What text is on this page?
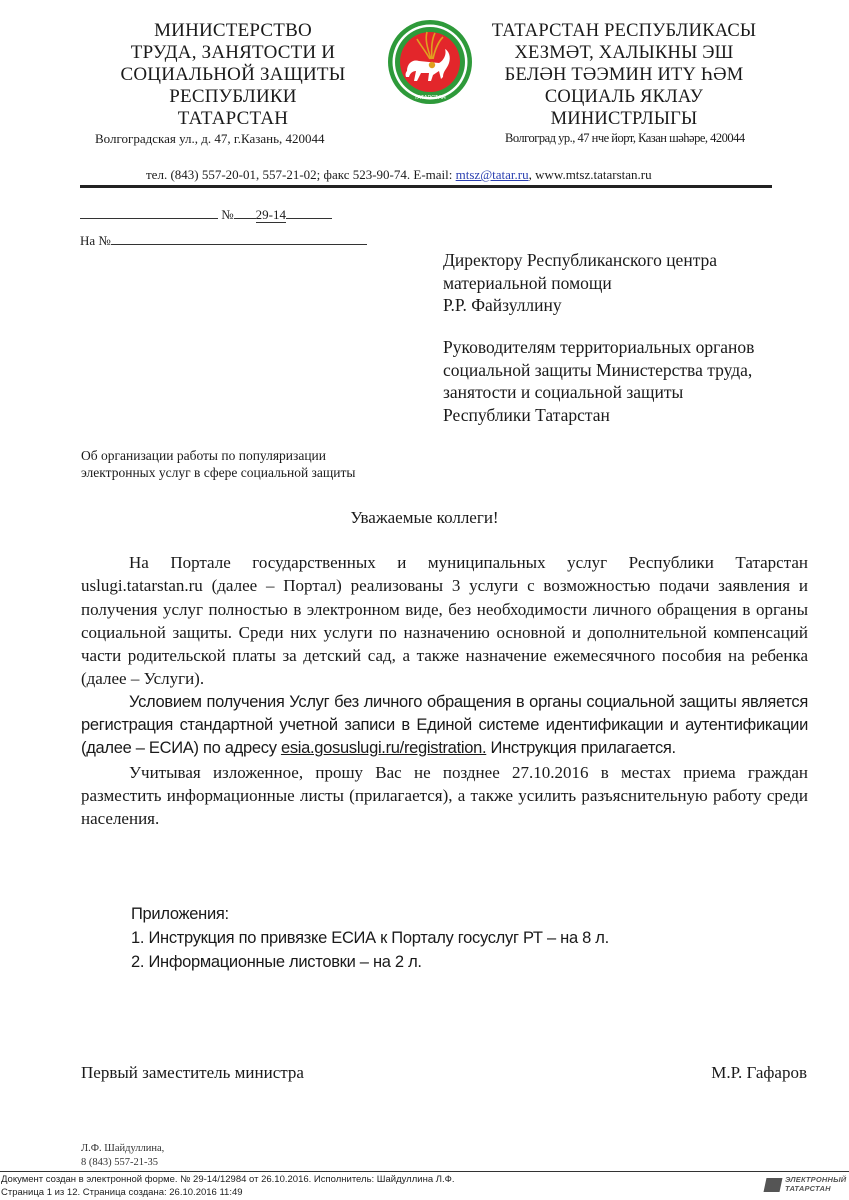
МИНИСТЕРСТВО
ТРУДА, ЗАНЯТОСТИ И
СОЦИАЛЬНОЙ ЗАЩИТЫ
РЕСПУБЛИКИ
ТАТАРСТАН
Волгоградская ул., д. 47, г.Казань, 420044
ТАТАРСТАН
ТАТАРСТАН РЕСПУБЛИКАСЫ
ХЕЗМӘТ, ХАЛЫКНЫ ЭШ
БЕЛӘН ТӘЭМИН ИТҮ ҺӘМ
СОЦИАЛЬ ЯКЛАУ
МИНИСТРЛЫГЫ
Волгоград ур., 47 нче йорт, Казан шәһәре, 420044
тел. (843) 557-20-01, 557-21-02; факс 523-90-74. E-mail: mtsz@tatar.ru, www.mtsz.tatarstan.ru
№ 29-14
На №
Директору Республиканского центра
материальной помощи
Р.Р. Файзуллину
Руководителям территориальных органов
социальной защиты Министерства труда,
занятости и социальной защиты
Республики Татарстан
Об организации работы по популяризации
электронных услуг в сфере социальной защиты
Уважаемые коллеги!

На Портале государственных и муниципальных услуг Республики Татарстан uslugi.tatarstan.ru (далее – Портал) реализованы 3 услуги с возможностью подачи заявления и получения услуг полностью в электронном виде, без необходимости личного обращения в органы социальной защиты. Среди них услуги по назначению основной и дополнительной компенсаций части родительской платы за детский сад, а также назначение ежемесячного пособия на ребенка (далее – Услуги).

Условием получения Услуг без личного обращения в органы социальной защиты является регистрация стандартной учетной записи в Единой системе идентификации и аутентификации (далее – ЕСИА) по адресу esia.gosuslugi.ru/registration. Инструкция прилагается.

Учитывая изложенное, прошу Вас не позднее 27.10.2016 в местах приема граждан разместить информационные листы (прилагается), а также усилить разъяснительную работу среди населения.

Приложения:
1. Инструкция по привязке ЕСИА к Порталу госуслуг РТ – на 8 л.
2. Информационные листовки – на 2 л.
Первый заместитель министра	М.Р. Гафаров
Л.Ф. Шайдуллина,
8 (843) 557-21-35
Документ создан в электронной форме. № 29-14/12984 от 26.10.2016. Исполнитель: Шайдуллина Л.Ф.
Страница 1 из 12. Страница создана: 26.10.2016 11:49
ЭЛЕКТРОННЫЙ
ТАТАРСТАН
